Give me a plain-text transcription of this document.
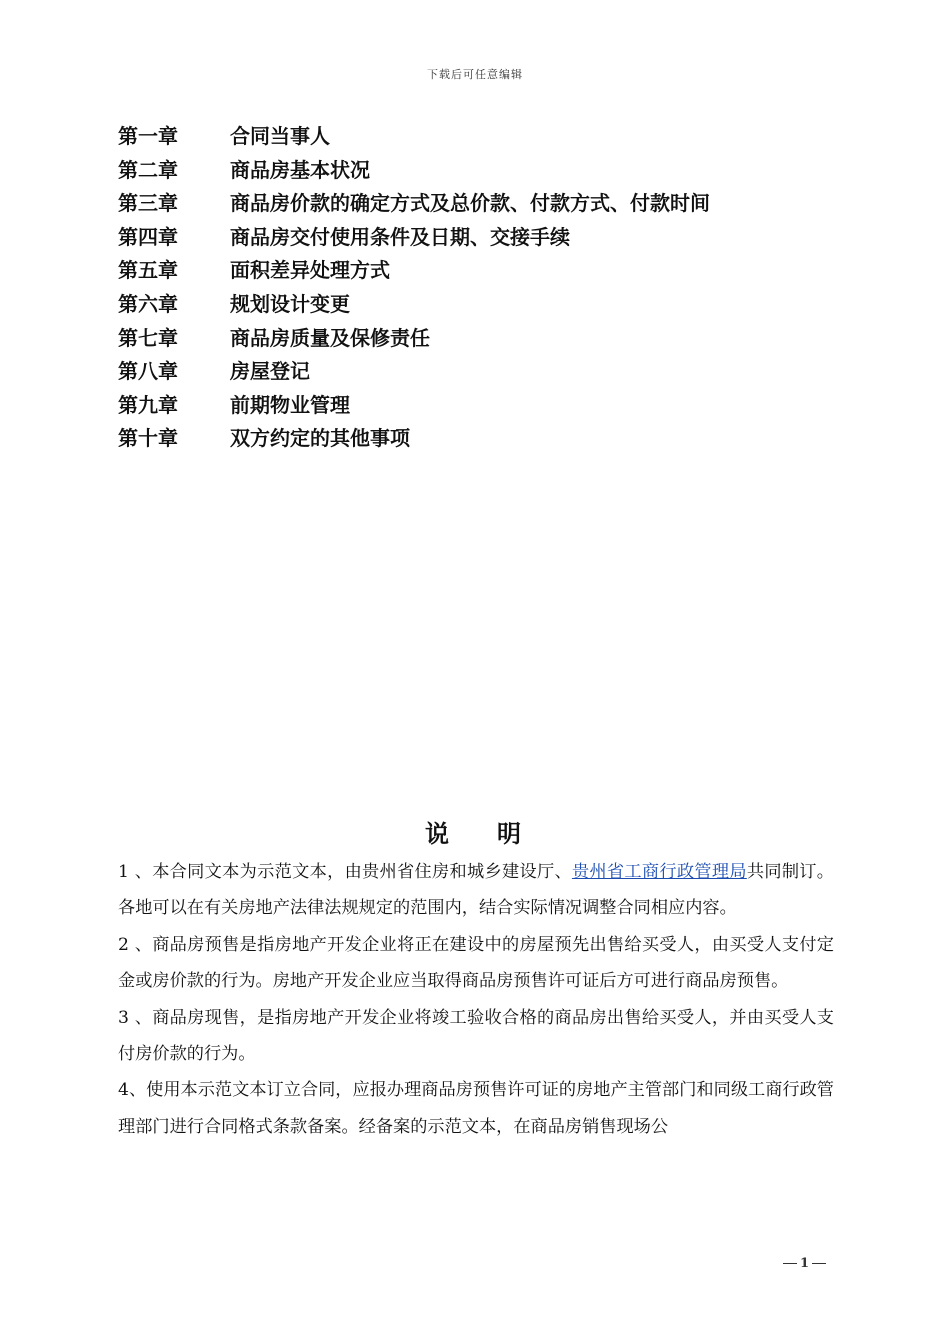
下载后可任意编辑
第一章	合同当事人
第二章	商品房基本状况
第三章	商品房价款的确定方式及总价款、付款方式、付款时间
第四章	商品房交付使用条件及日期、交接手续
第五章	面积差异处理方式
第六章	规划设计变更
第七章	商品房质量及保修责任
第八章	房屋登记
第九章	前期物业管理
第十章	双方约定的其他事项
说 明

1 、本合同文本为示范文本，由贵州省住房和城乡建设厅、贵州省工商行政管理局共同制订。各地可以在有关房地产法律法规规定的范围内，结合实际情况调整合同相应内容。

2 、商品房预售是指房地产开发企业将正在建设中的房屋预先出售给买受人，由买受人支付定金或房价款的行为。房地产开发企业应当取得商品房预售许可证后方可进行商品房预售。

3 、商品房现售，是指房地产开发企业将竣工验收合格的商品房出售给买受人，并由买受人支付房价款的行为。

4、使用本示范文本订立合同，应报办理商品房预售许可证的房地产主管部门和同级工商行政管理部门进行合同格式条款备案。经备案的示范文本，在商品房销售现场公

1
